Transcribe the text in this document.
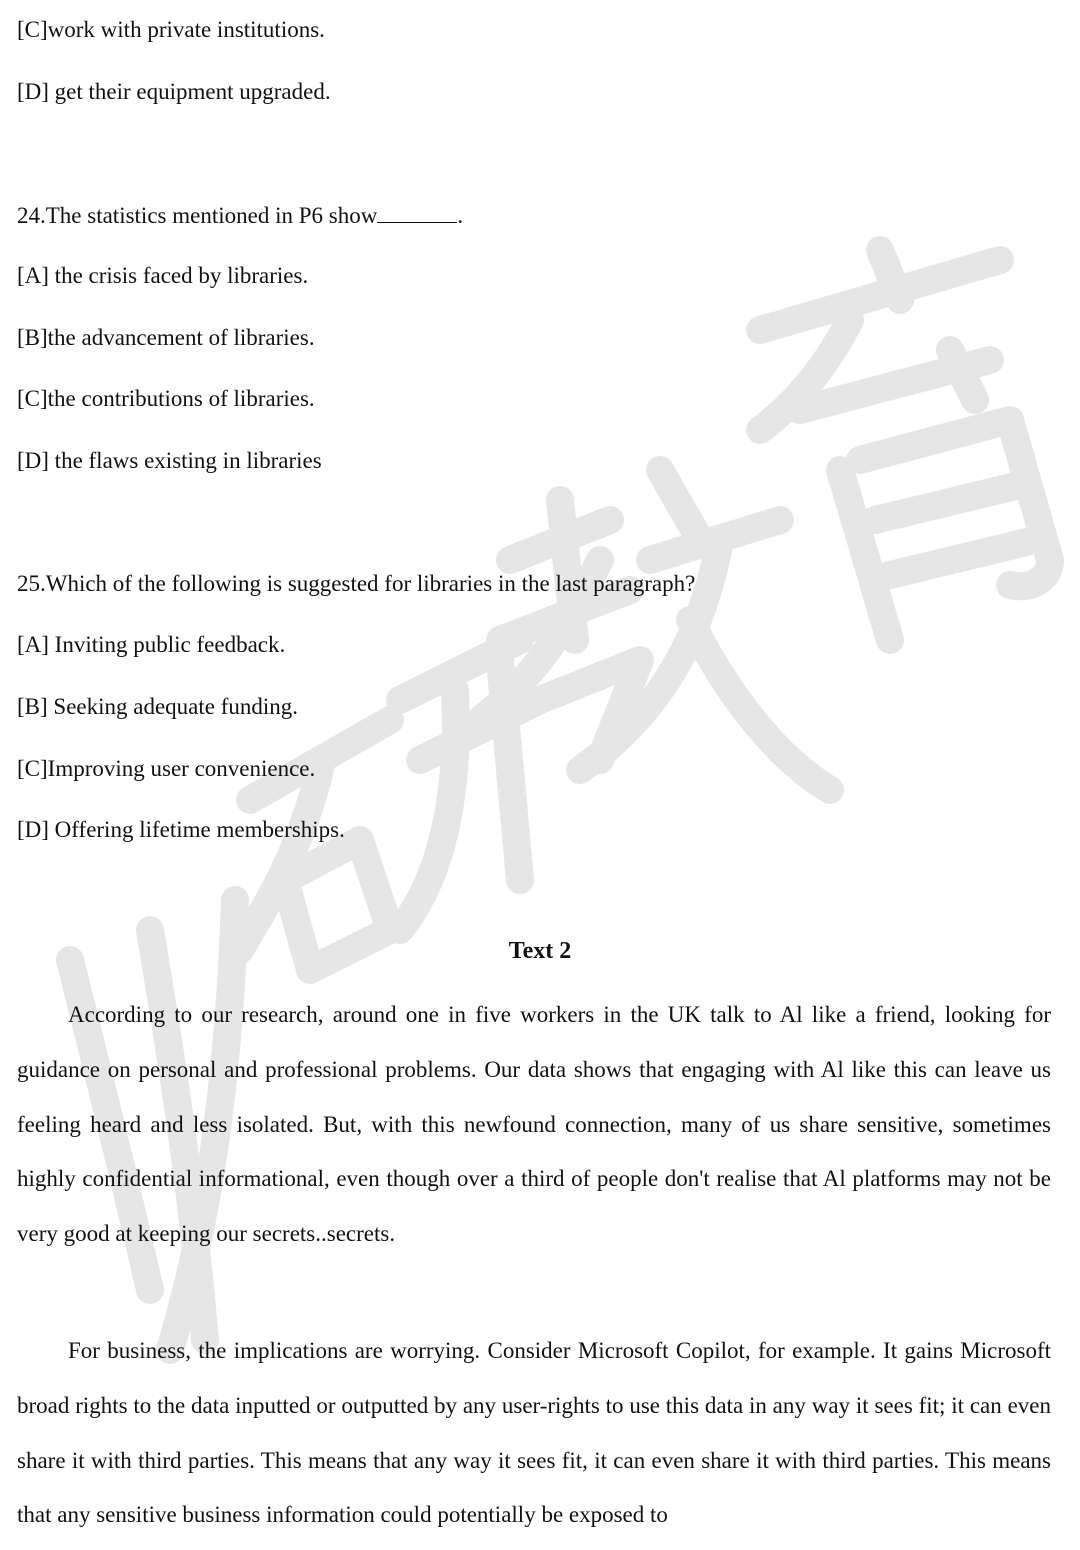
[C]work with private institutions.

[D] get their equipment upgraded.

24.The statistics mentioned in P6 show	.

[A] the crisis faced by libraries.

[B]the advancement of libraries.

[C]the contributions of libraries.

[D] the flaws existing in libraries

25.Which of the following is suggested for libraries in the last paragraph?

[A] Inviting public feedback.

[B] Seeking adequate funding.

[C]Improving user convenience.

[D] Offering lifetime memberships.

Text 2

According to our research, around one in five workers in the UK talk to Al like a friend, looking for guidance on personal and professional problems. Our data shows that engaging with Al like this can leave us feeling heard and less isolated. But, with this newfound connection, many of us share sensitive, sometimes highly confidential informational, even though over a third of people don't realise that Al platforms may not be very good at keeping our secrets..secrets.

For business, the implications are worrying. Consider Microsoft Copilot, for example. It gains Microsoft broad rights to the data inputted or outputted by any user-rights to use this data in any way it sees fit; it can even share it with third parties. This means that any way it sees fit, it can even share it with third parties. This means that any sensitive business information could potentially be exposed to
